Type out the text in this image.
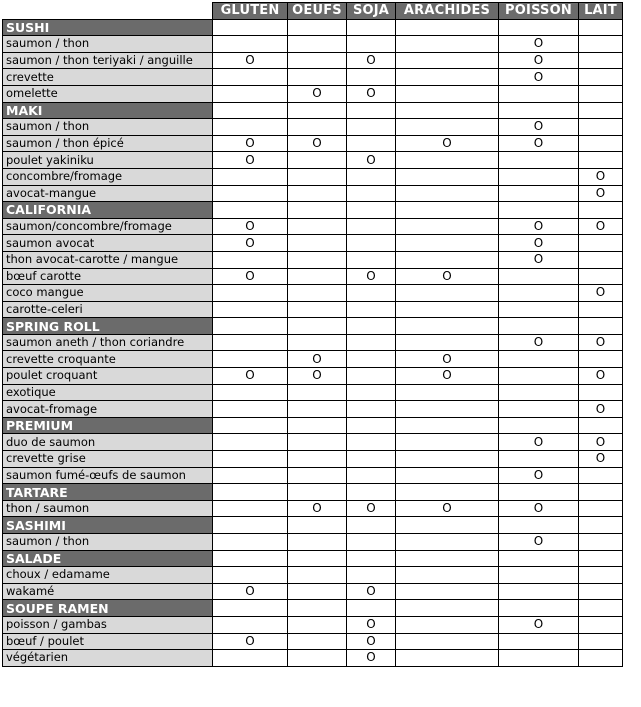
	GLUTEN	OEUFS	SOJA	ARACHIDES	POISSON	LAIT
SUSHI						
saumon / thon					O	
saumon / thon teriyaki / anguille	O		O		O	
crevette					O	
omelette		O	O			
MAKI						
saumon / thon					O	
saumon / thon épicé	O	O		O	O	
poulet yakiniku	O		O			
concombre/fromage						O
avocat-mangue						O
CALIFORNIA						
saumon/concombre/fromage	O				O	O
saumon avocat	O				O	
thon avocat-carotte / mangue					O	
bœuf carotte	O		O	O		
coco mangue						O
carotte-celeri						
SPRING ROLL						
saumon aneth / thon coriandre					O	O
crevette croquante		O		O		
poulet croquant	O	O		O		O
exotique						
avocat-fromage						O
PREMIUM						
duo de saumon					O	O
crevette grise						O
saumon fumé-œufs de saumon					O	
TARTARE						
thon / saumon		O	O	O	O	
SASHIMI						
saumon / thon					O	
SALADE						
choux / edamame						
wakamé	O		O			
SOUPE RAMEN						
poisson / gambas			O		O	
bœuf / poulet	O		O			
végétarien			O			
